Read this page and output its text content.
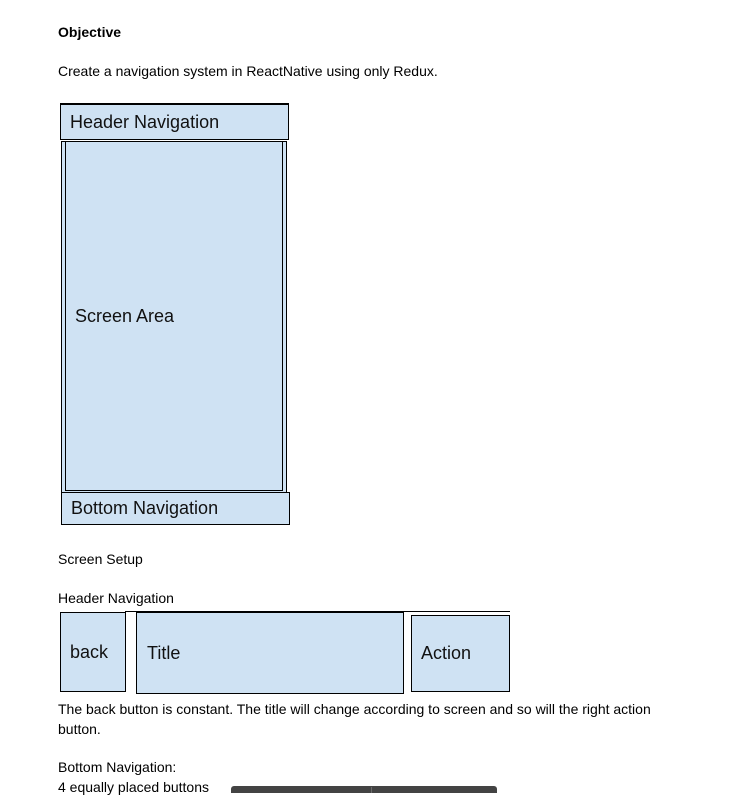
Objective
Create a navigation system in ReactNative using only Redux.
Header Navigation
Screen Area
Bottom Navigation
Screen Setup
Header Navigation
back Title	Action
The back button is constant. The title will change according to screen and so will the right action button.
Bottom Navigation:
4 equally placed buttons
